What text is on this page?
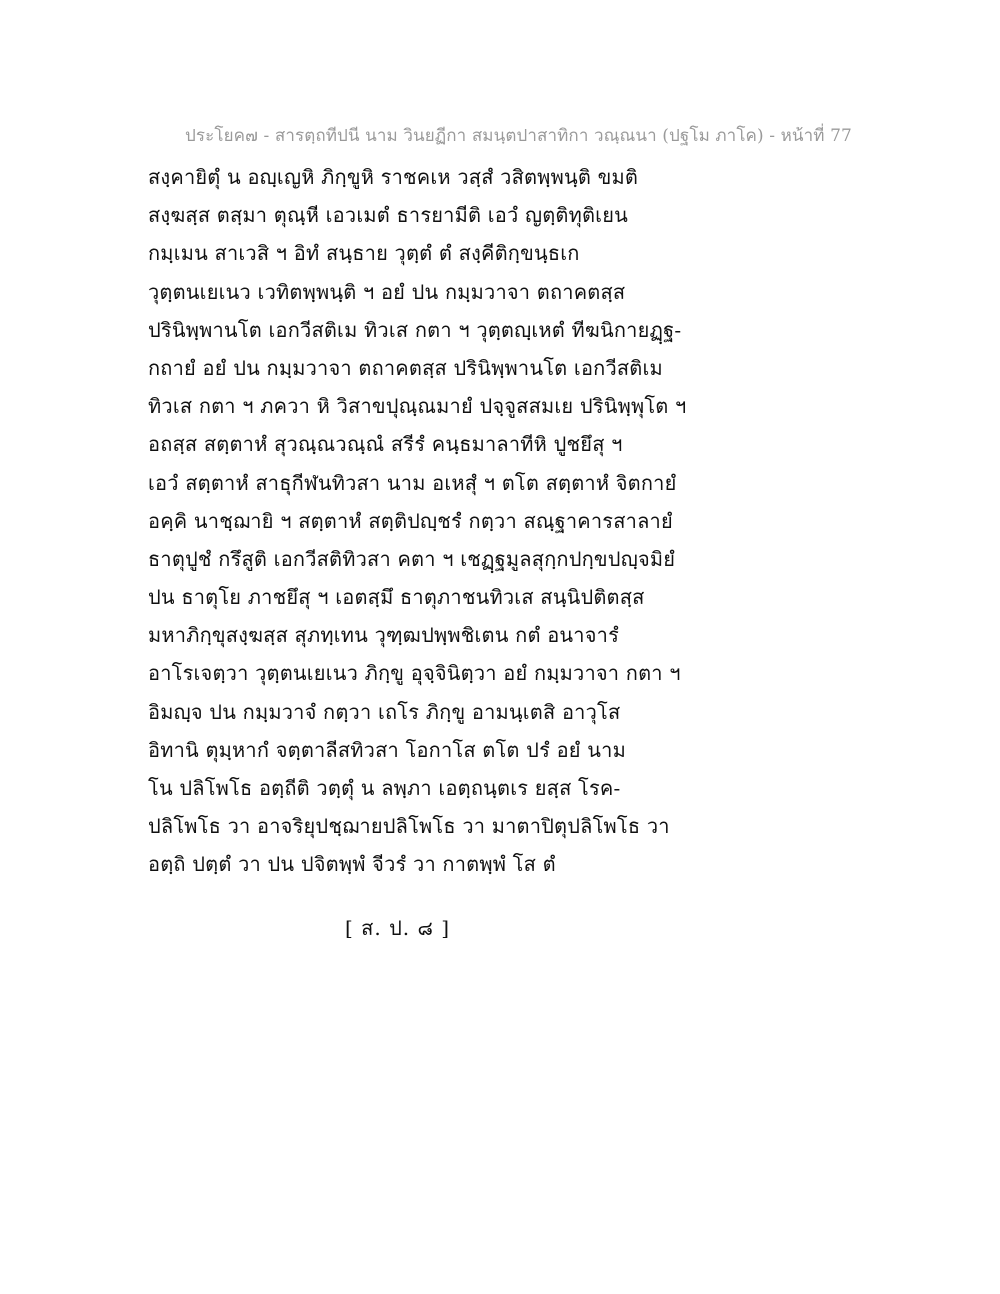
ประโยค๗ - สารตฺถทีปนี นาม วินยฏีกา สมนฺตปาสาทิกา วณฺณนา (ปฐโม ภาโค) - หน้าที่ 77
สงฺคายิตุํ น อญฺเญหิ ภิกฺขูหิ ราชคเห วสฺสํ วสิตพฺพนฺติ ขมติ
สงฺฆสฺส ตสฺมา ตุณฺหี เอวเมตํ ธารยามีติ เอวํ ญตฺติทุติเยน
กมฺเมน สาเวสิ ฯ อิทํ สนฺธาย วุตฺตํ ตํ สงฺคีติกฺขนฺธเก
วุตฺตนเยเนว เวทิตพฺพนฺติ ฯ อยํ ปน กมฺมวาจา ตถาคตสฺส
ปรินิพฺพานโต เอกวีสติเม ทิวเส กตา ฯ วุตฺตญฺเหตํ ทีฆนิกายฏฺฐ-
กถายํ อยํ ปน กมฺมวาจา ตถาคตสฺส ปรินิพฺพานโต เอกวีสติเม
ทิวเส กตา ฯ ภควา หิ วิสาขปุณฺณมายํ ปจฺจูสสมเย ปรินิพฺพุโต ฯ
อถสฺส สตฺตาหํ สุวณฺณวณฺณํ สรีรํ คนฺธมาลาทีหิ ปูชยึสุ ฯ
เอวํ สตฺตาหํ สาธุกีฬนทิวสา นาม อเหสุํ ฯ ตโต สตฺตาหํ จิตกายํ
อคฺคิ นาชฺฌายิ ฯ สตฺตาหํ สตฺติปญฺชรํ กตฺวา สณฺฐาคารสาลายํ
ธาตุปูชํ กรึสูติ เอกวีสติทิวสา คตา ฯ เชฏฺฐมูลสุกฺกปกฺขปญฺจมิยํ
ปน ธาตุโย ภาชยึสุ ฯ เอตสฺมึ ธาตุภาชนทิวเส สนฺนิปติตสฺส
มหาภิกฺขุสงฺฆสฺส สุภทฺเทน วุฑฺฒปพฺพชิเตน กตํ อนาจารํ
อาโรเจตฺวา วุตฺตนเยเนว ภิกฺขู อุจฺจินิตฺวา อยํ กมฺมวาจา กตา ฯ
อิมญฺจ ปน กมฺมวาจํ กตฺวา เถโร ภิกฺขู อามนฺเตสิ อาวุโส
อิทานิ ตุมฺหากํ จตฺตาลีสทิวสา โอกาโส ตโต ปรํ อยํ นาม
โน ปลิโพโธ อตฺถีติ วตฺตุํ น ลพฺภา เอตฺถนฺตเร ยสฺส โรค-
ปลิโพโธ วา อาจริยุปชฺฌายปลิโพโธ วา มาตาปิตุปลิโพโธ วา
อตฺถิ ปตฺตํ วา ปน ปจิตพฺพํ จีวรํ วา กาตพฺพํ โส ตํ
[ ส. ป. ๘ ]
